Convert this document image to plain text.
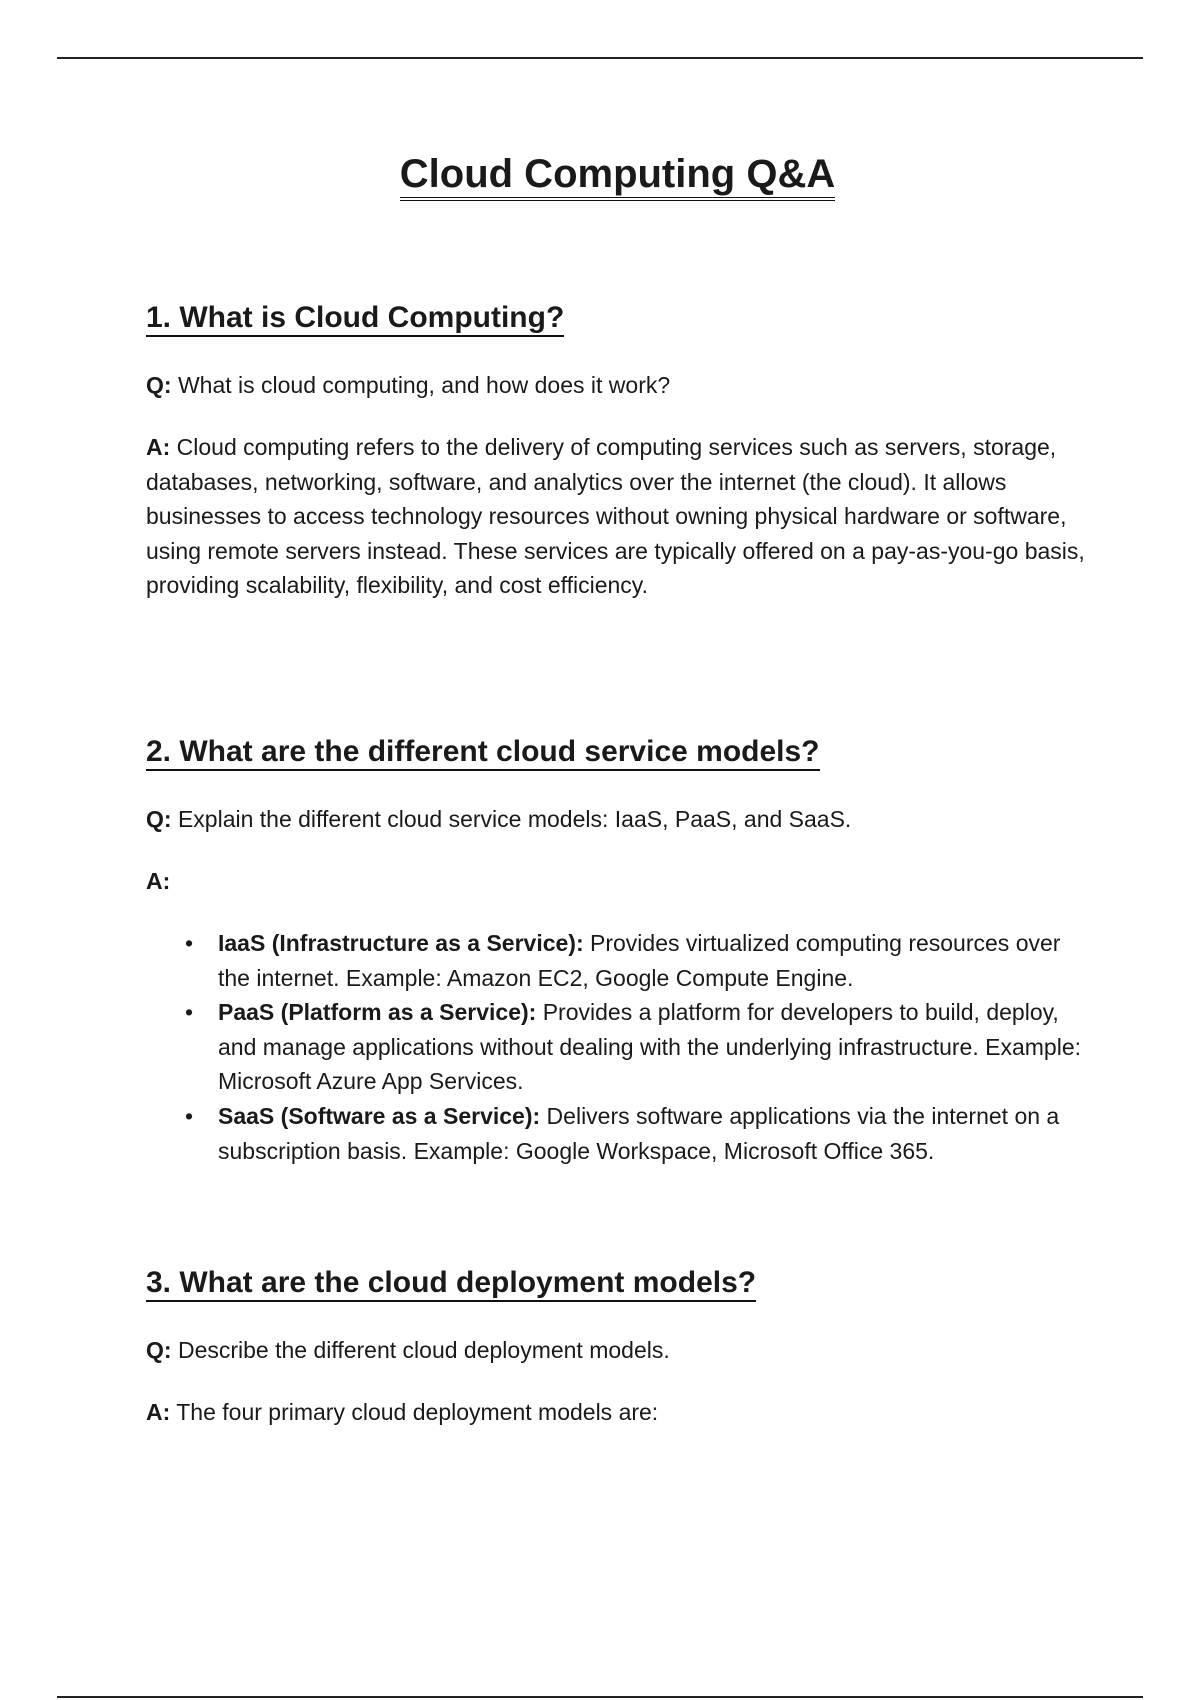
Cloud Computing Q&A
1. What is Cloud Computing?

Q: What is cloud computing, and how does it work?

A: Cloud computing refers to the delivery of computing services such as servers, storage, databases, networking, software, and analytics over the internet (the cloud). It allows businesses to access technology resources without owning physical hardware or software, using remote servers instead. These services are typically offered on a pay-as-you-go basis, providing scalability, flexibility, and cost efficiency.

2. What are the different cloud service models?

Q: Explain the different cloud service models: IaaS, PaaS, and SaaS.

A:

• IaaS (Infrastructure as a Service): Provides virtualized computing resources over the internet. Example: Amazon EC2, Google Compute Engine.
• PaaS (Platform as a Service): Provides a platform for developers to build, deploy, and manage applications without dealing with the underlying infrastructure. Example: Microsoft Azure App Services.
• SaaS (Software as a Service): Delivers software applications via the internet on a subscription basis. Example: Google Workspace, Microsoft Office 365.
3. What are the cloud deployment models?

Q: Describe the different cloud deployment models.

A: The four primary cloud deployment models are:
